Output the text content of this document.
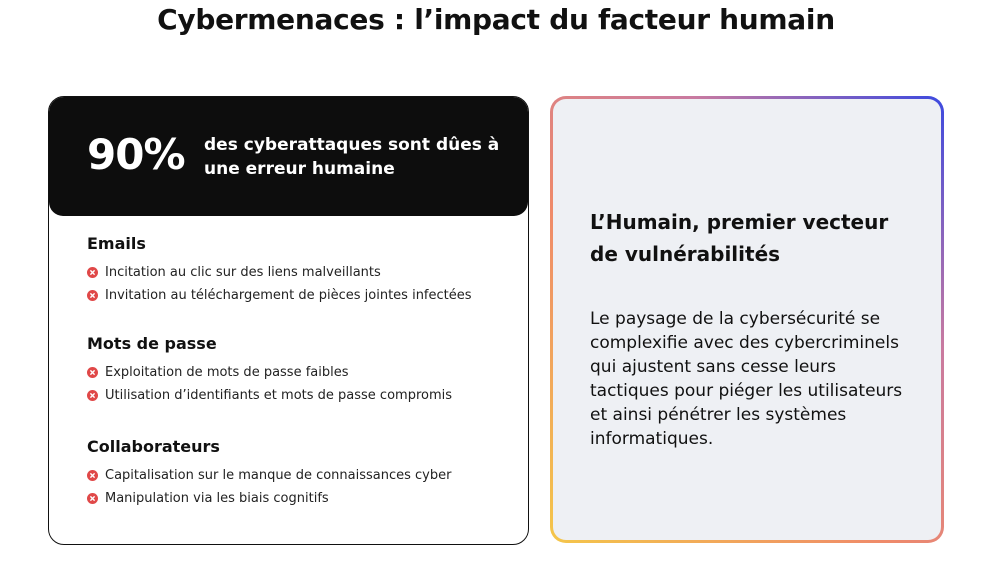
Cybermenaces : l’impact du facteur humain
90% des cyberattaques sont dûes à une erreur humaine
Emails
Incitation au clic sur des liens malveillants
Invitation au téléchargement de pièces jointes infectées
Mots de passe
Exploitation de mots de passe faibles
Utilisation d’identifiants et mots de passe compromis
Collaborateurs
Capitalisation sur le manque de connaissances cyber
Manipulation via les biais cognitifs
L’Humain, premier vecteur de vulnérabilités
Le paysage de la cybersécurité se complexifie avec des cybercriminels qui ajustent sans cesse leurs tactiques pour piéger les utilisateurs et ainsi pénétrer les systèmes informatiques.
